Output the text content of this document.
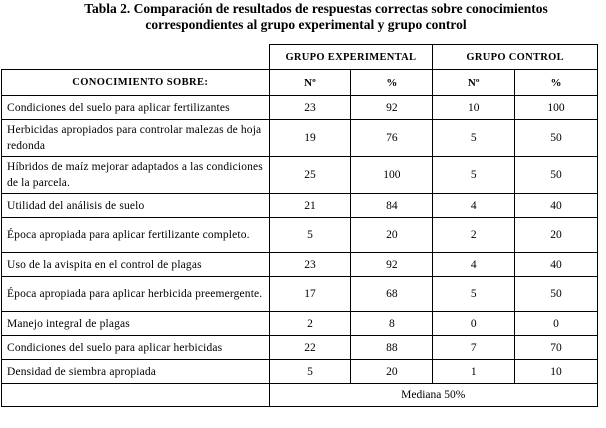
Tabla 2. Comparación de resultados de respuestas correctas sobre conocimientos
correspondientes al grupo experimental y grupo control
	GRUPO EXPERIMENTAL		GRUPO CONTROL	
CONOCIMIENTO SOBRE:	Nº	%	Nº	%
Condiciones del suelo para aplicar fertilizantes	23	92	10	100
Herbicidas apropiados para controlar malezas de hoja redonda	19	76	5	50
Híbridos de maíz mejorar adaptados a las condiciones de la parcela.	25	100	5	50
Utilidad del análisis de suelo	21	84	4	40
Época apropiada para aplicar fertilizante completo.	5	20	2	20
Uso de la avispita en el control de plagas	23	92	4	40
Época apropiada para aplicar herbicida preemergente.	17	68	5	50
Manejo integral de plagas	2	8	0	0
Condiciones del suelo para aplicar herbicidas	22	88	7	70
Densidad de siembra apropiada	5	20	1	10
	Mediana 50%			
